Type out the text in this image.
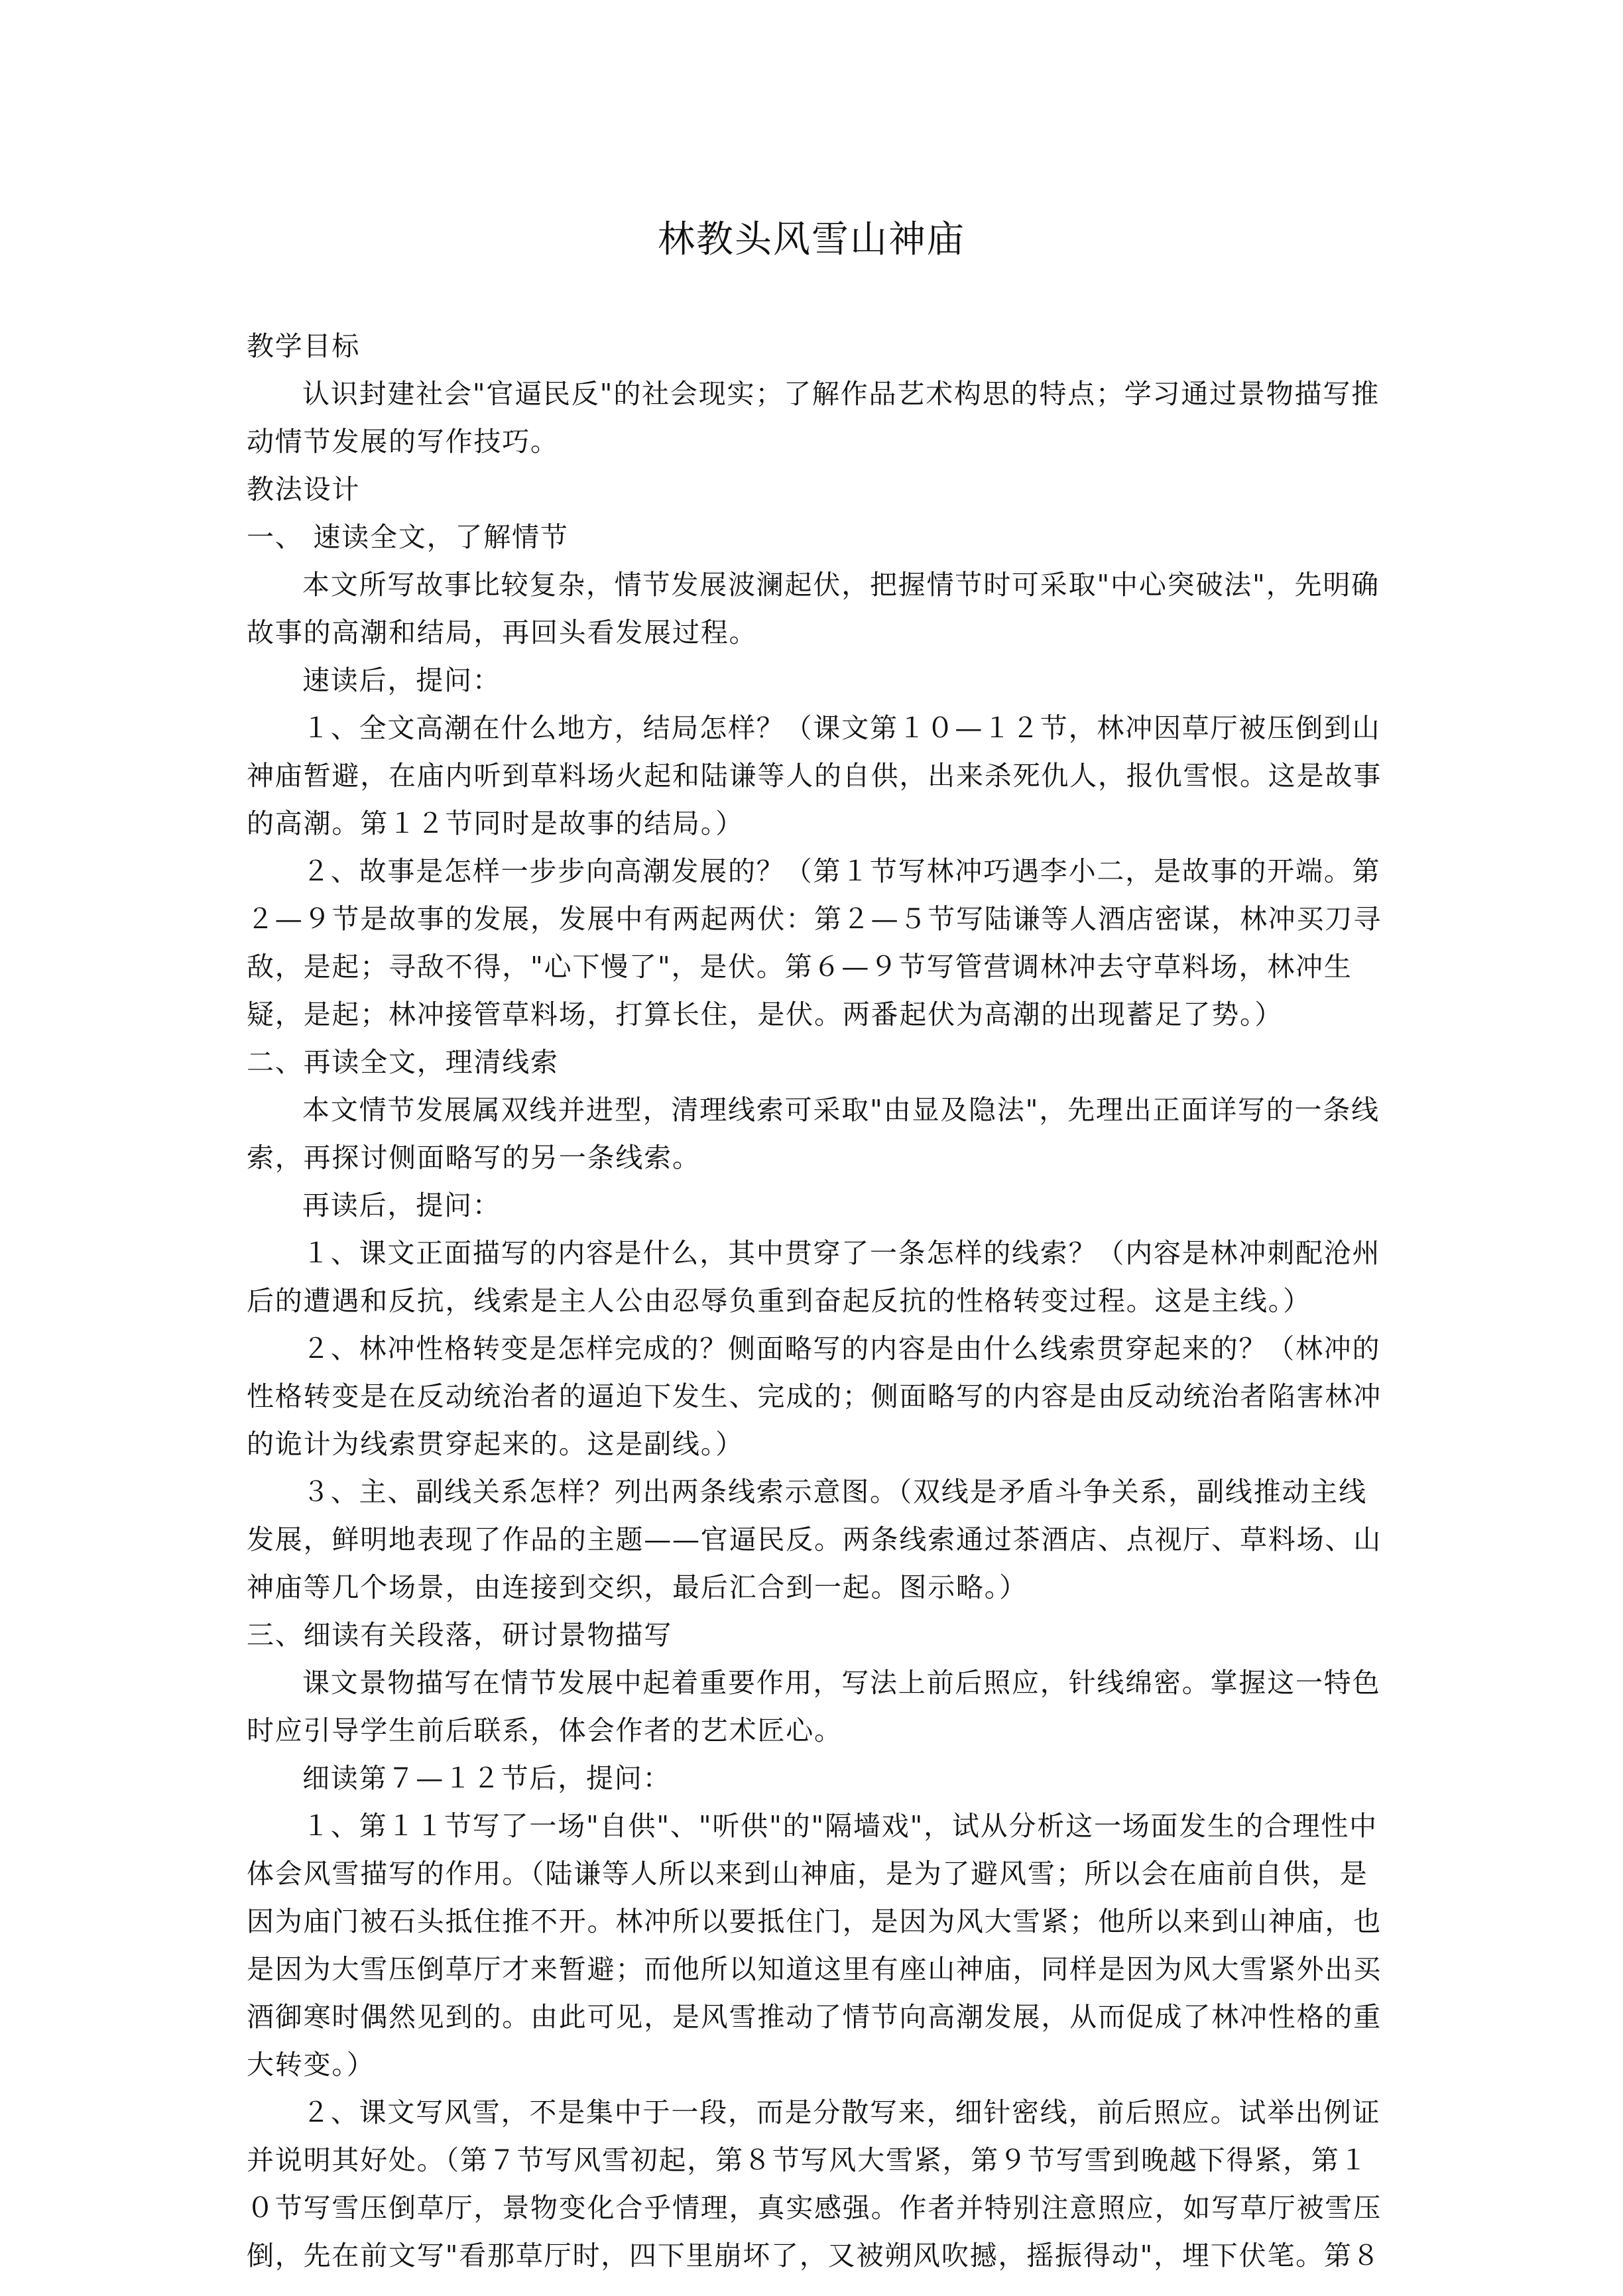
林教头风雪山神庙

教学目标

认识封建社会"官逼民反"的社会现实；了解作品艺术构思的特点；学习通过景物描写推动情节发展的写作技巧。

教法设计

一、 速读全文，了解情节

本文所写故事比较复杂，情节发展波澜起伏，把握情节时可采取"中心突破法"，先明确故事的高潮和结局，再回头看发展过程。

速读后，提问：

１、全文高潮在什么地方，结局怎样？（课文第１０—１２节，林冲因草厅被压倒到山神庙暂避，在庙内听到草料场火起和陆谦等人的自供，出来杀死仇人，报仇雪恨。这是故事的高潮。第１２节同时是故事的结局。）

２、故事是怎样一步步向高潮发展的？（第１节写林冲巧遇李小二，是故事的开端。第２—９节是故事的发展，发展中有两起两伏：第２—５节写陆谦等人酒店密谋，林冲买刀寻敌，是起；寻敌不得，"心下慢了"，是伏。第６—９节写管营调林冲去守草料场，林冲生疑，是起；林冲接管草料场，打算长住，是伏。两番起伏为高潮的出现蓄足了势。）

二、再读全文，理清线索

本文情节发展属双线并进型，清理线索可采取"由显及隐法"，先理出正面详写的一条线索，再探讨侧面略写的另一条线索。

再读后，提问：

１、课文正面描写的内容是什么，其中贯穿了一条怎样的线索？（内容是林冲刺配沧州后的遭遇和反抗，线索是主人公由忍辱负重到奋起反抗的性格转变过程。这是主线。）

２、林冲性格转变是怎样完成的？侧面略写的内容是由什么线索贯穿起来的？（林冲的性格转变是在反动统治者的逼迫下发生、完成的；侧面略写的内容是由反动统治者陷害林冲的诡计为线索贯穿起来的。这是副线。）

３、主、副线关系怎样？列出两条线索示意图。（双线是矛盾斗争关系，副线推动主线发展，鲜明地表现了作品的主题——官逼民反。两条线索通过茶酒店、点视厅、草料场、山神庙等几个场景，由连接到交织，最后汇合到一起。图示略。）

三、细读有关段落，研讨景物描写

课文景物描写在情节发展中起着重要作用，写法上前后照应，针线绵密。掌握这一特色时应引导学生前后联系，体会作者的艺术匠心。

细读第７—１２节后，提问：

１、第１１节写了一场"自供"、"听供"的"隔墙戏"，试从分析这一场面发生的合理性中体会风雪描写的作用。（陆谦等人所以来到山神庙，是为了避风雪；所以会在庙前自供，是因为庙门被石头抵住推不开。林冲所以要抵住门，是因为风大雪紧；他所以来到山神庙，也是因为大雪压倒草厅才来暂避；而他所以知道这里有座山神庙，同样是因为风大雪紧外出买酒御寒时偶然见到的。由此可见，是风雪推动了情节向高潮发展，从而促成了林冲性格的重大转变。）

２、课文写风雪，不是集中于一段，而是分散写来，细针密线，前后照应。试举出例证并说明其好处。（第７节写风雪初起，第８节写风大雪紧，第９节写雪到晚越下得紧，第１０节写雪压倒草厅，景物变化合乎情理，真实感强。作者并特别注意照应，如写草厅被雪压倒，先在前文写"看那草厅时，四下里崩坏了，又被朔风吹撼，摇振得动"，埋下伏笔。第８
